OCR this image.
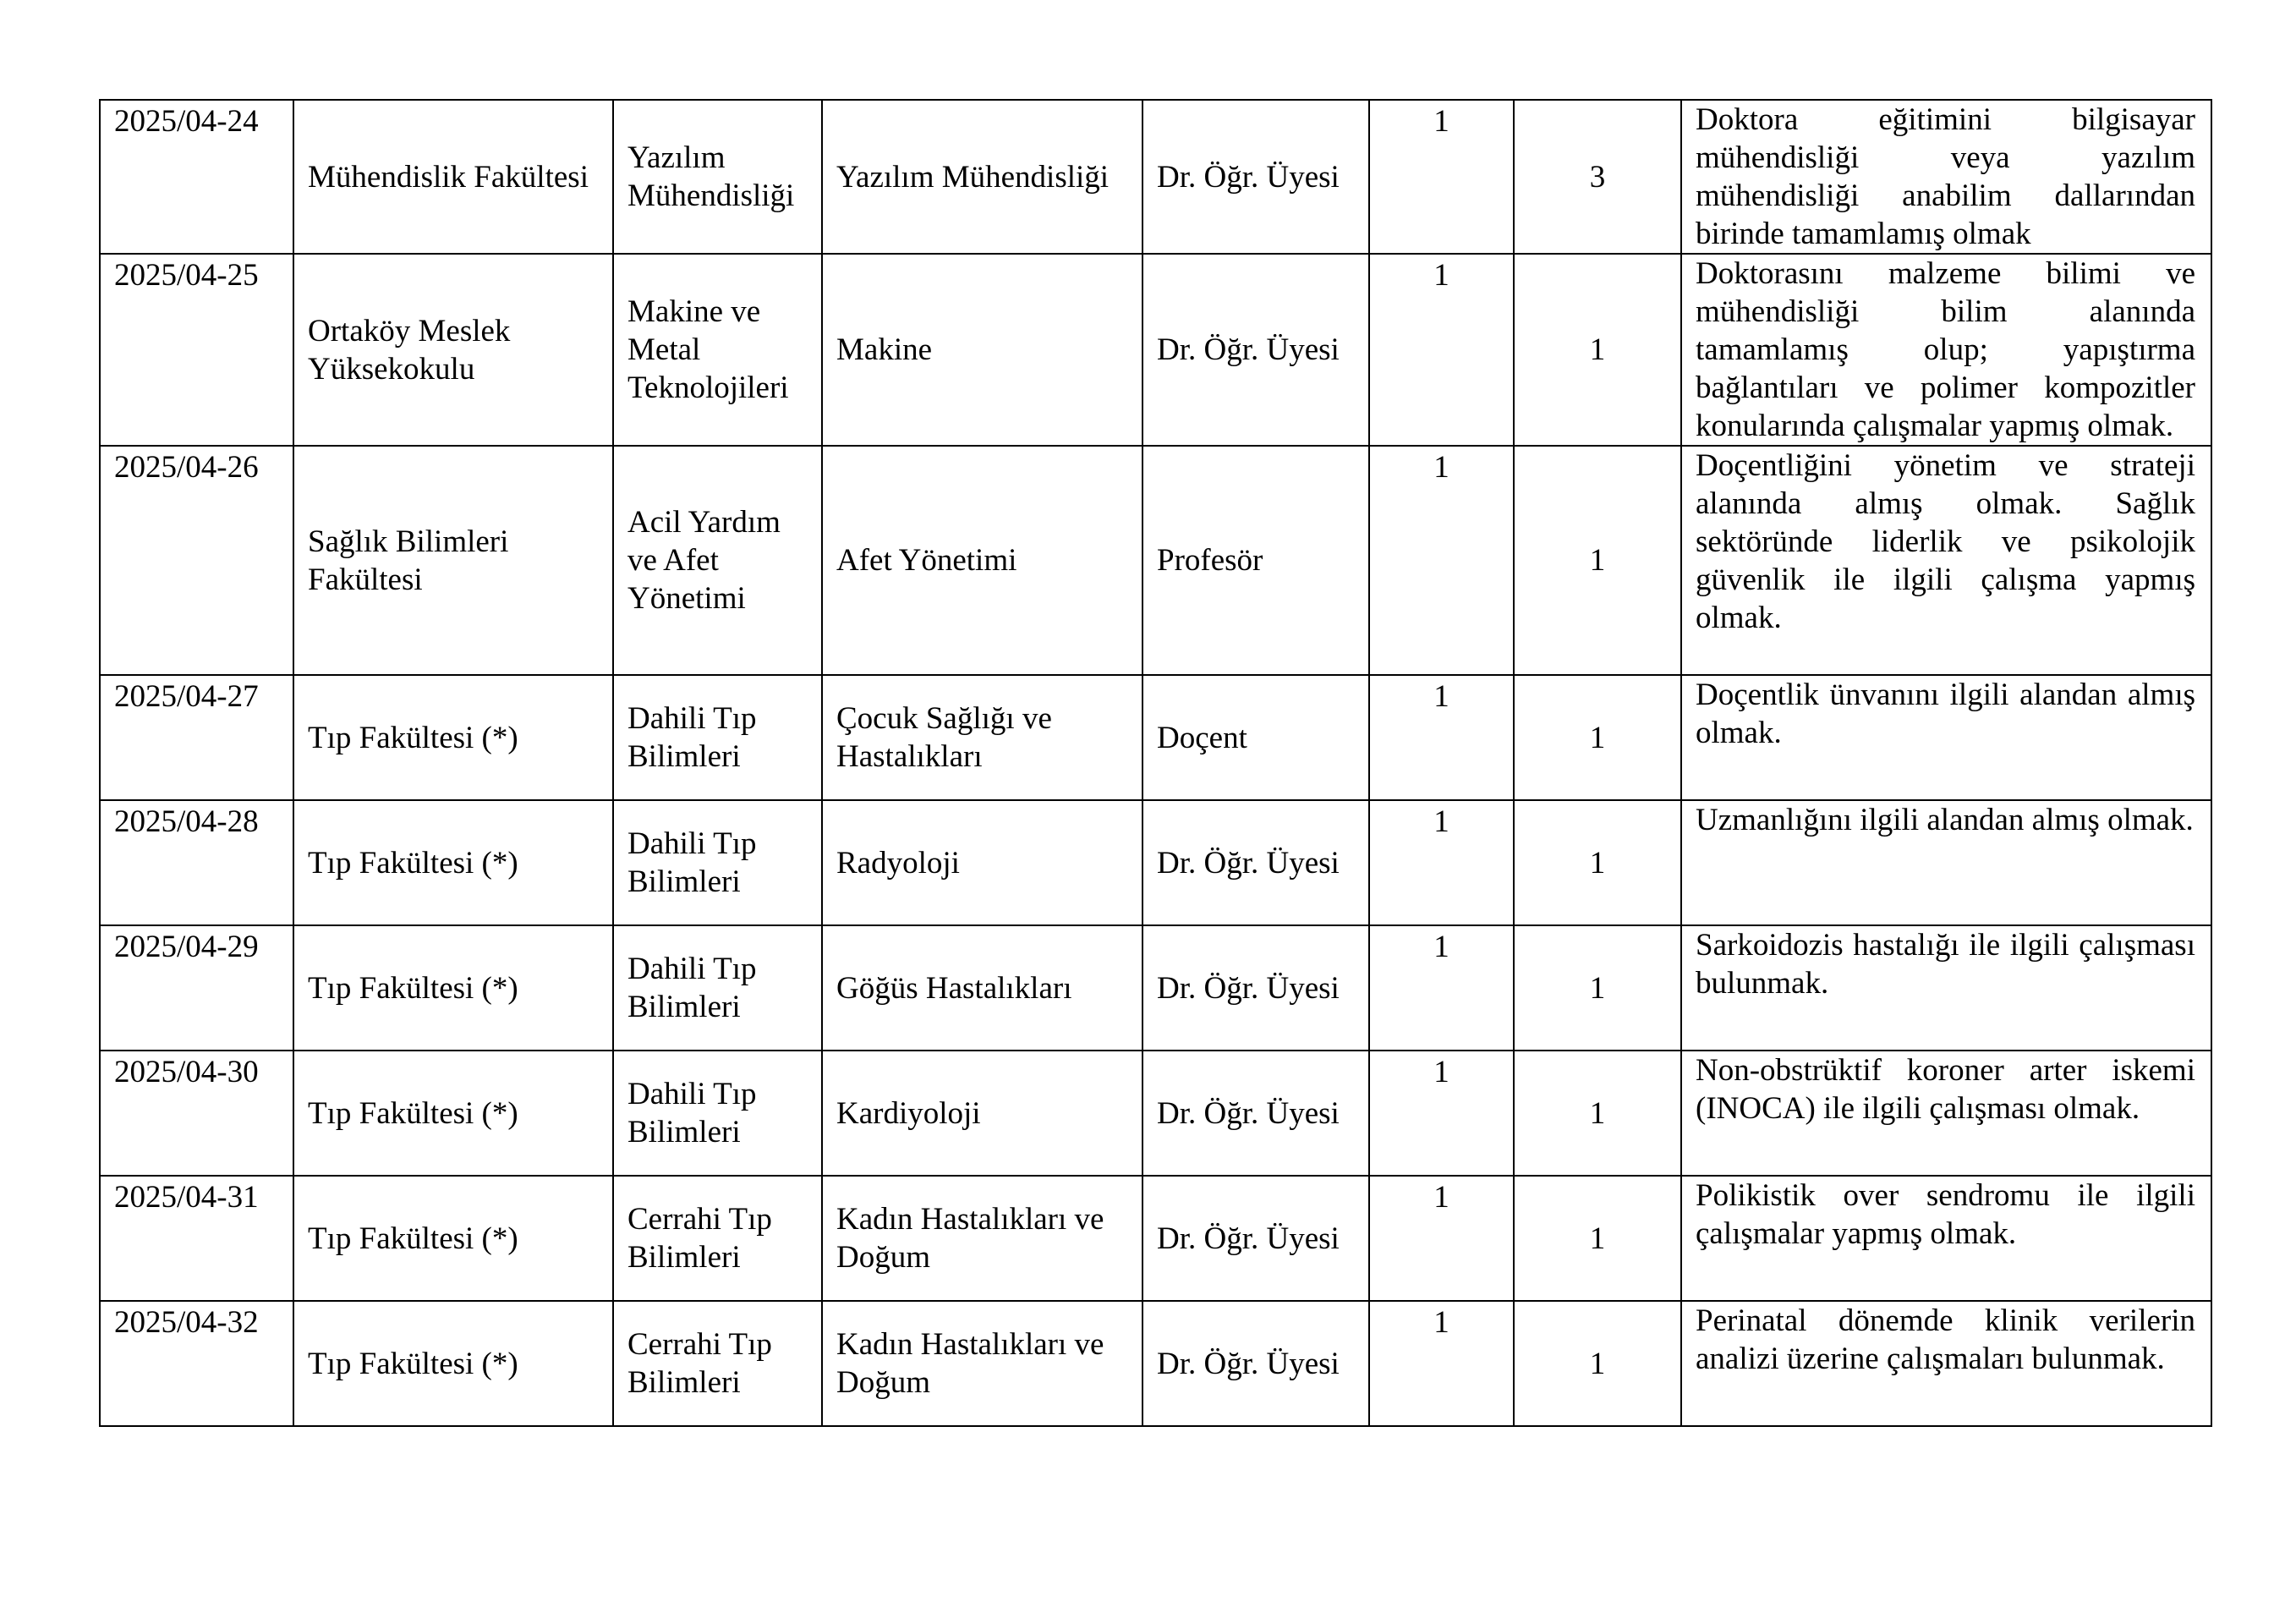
2025/04-24	Mühendislik Fakültesi	Yazılım Mühendisliği	Yazılım Mühendisliği	Dr. Öğr. Üyesi	1	3	Doktora eğitimini bilgisayar mühendisliği veya yazılım mühendisliği anabilim dallarından birinde tamamlamış olmak

2025/04-25	Ortaköy Meslek Yüksekokulu	Makine ve Metal Teknolojileri	Makine	Dr. Öğr. Üyesi	1	1	Doktorasını malzeme bilimi ve mühendisliği bilim alanında tamamlamış olup; yapıştırma bağlantıları ve polimer kompozitler konularında çalışmalar yapmış olmak.

2025/04-26	Sağlık Bilimleri Fakültesi	Acil Yardım ve Afet Yönetimi	Afet Yönetimi	Profesör	1	1	Doçentliğini yönetim ve strateji alanında almış olmak. Sağlık sektöründe liderlik ve psikolojik güvenlik ile ilgili çalışma yapmış olmak.

2025/04-27	Tıp Fakültesi (*)	Dahili Tıp Bilimleri	Çocuk Sağlığı ve Hastalıkları	Doçent	1	1	Doçentlik ünvanını ilgili alandan almış olmak.

2025/04-28	Tıp Fakültesi (*)	Dahili Tıp Bilimleri	Radyoloji	Dr. Öğr. Üyesi	1	1	Uzmanlığını ilgili alandan almış olmak.

2025/04-29	Tıp Fakültesi (*)	Dahili Tıp Bilimleri	Göğüs Hastalıkları	Dr. Öğr. Üyesi	1	1	Sarkoidozis hastalığı ile ilgili çalışması bulunmak.

2025/04-30	Tıp Fakültesi (*)	Dahili Tıp Bilimleri	Kardiyoloji	Dr. Öğr. Üyesi	1	1	Non-obstrüktif koroner arter iskemi (INOCA) ile ilgili çalışması olmak.

2025/04-31	Tıp Fakültesi (*)	Cerrahi Tıp Bilimleri	Kadın Hastalıkları ve Doğum	Dr. Öğr. Üyesi	1	1	Polikistik over sendromu ile ilgili çalışmalar yapmış olmak.

2025/04-32	Tıp Fakültesi (*)	Cerrahi Tıp Bilimleri	Kadın Hastalıkları ve Doğum	Dr. Öğr. Üyesi	1	1	Perinatal dönemde klinik verilerin analizi üzerine çalışmaları bulunmak.
